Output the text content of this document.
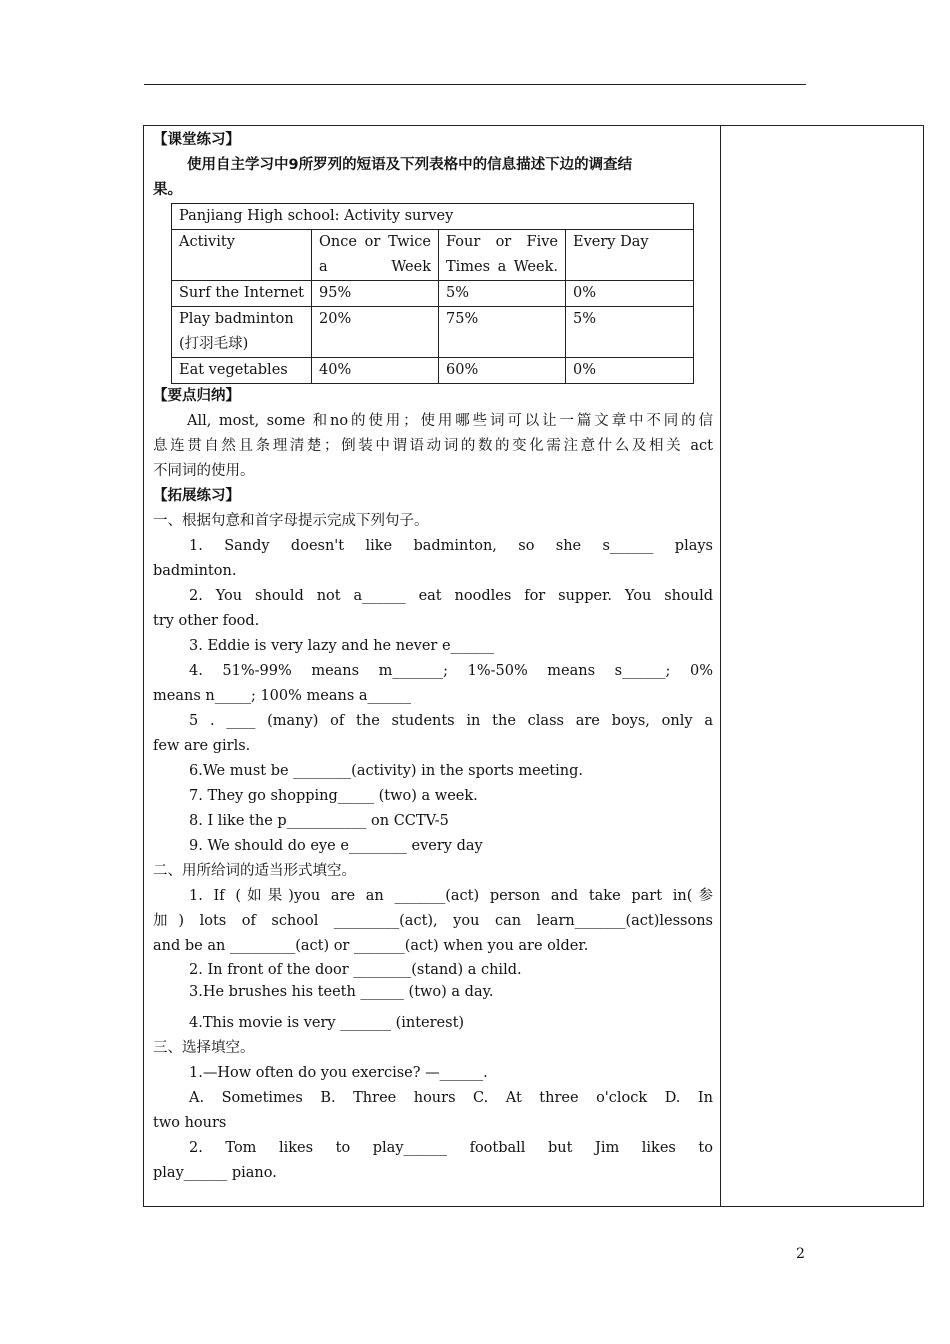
【课堂练习】

使用自主学习中9所罗列的短语及下列表格中的信息描述下边的调查结

果。

Panjiang High school: Activity survey			
Activity	Once or Twice a Week	Four or Five Times a Week.	Every Day
Surf the Internet	95%	5%	0%
Play badminton (打羽毛球)	20%	75%	5%
Eat vegetables	40%	60%	0%

【要点归纳】

All, most, some 和no的使用；使用哪些词可以让一篇文章中不同的信

息连贯自然且条理清楚；倒装中谓语动词的数的变化需注意什么及相关 act

不同词的使用。

【拓展练习】

一、根据句意和首字母提示完成下列句子。

1. Sandy doesn't like badminton, so she s______ plays

badminton.

2. You should not a______ eat noodles for supper. You should

try other food.

3. Eddie is very lazy and he never e______

4. 51%-99% means m_______; 1%-50% means s______; 0%

means n_____; 100% means a______

5 . ____ (many) of the students in the class are boys, only a

few are girls.

6.We must be ________(activity) in the sports meeting.

7. They go shopping_____ (two) a week.

8. I like the p___________ on CCTV-5

9. We should do eye e________ every day

二、用所给词的适当形式填空。

1. If (如果)you are an _______(act) person and take part in(参

加) lots of school _________(act), you can learn_______(act)lessons

and be an _________(act) or _______(act) when you are older.

2. In front of the door ________(stand) a child.

3.He brushes his teeth ______ (two) a day.

4.This movie is very _______ (interest)

三、选择填空。

1.—How often do you exercise? —______.

A. Sometimes B. Three hours C. At three o'clock D. In

two hours

2. Tom likes to play______ football but Jim likes to

play______ piano.

2
